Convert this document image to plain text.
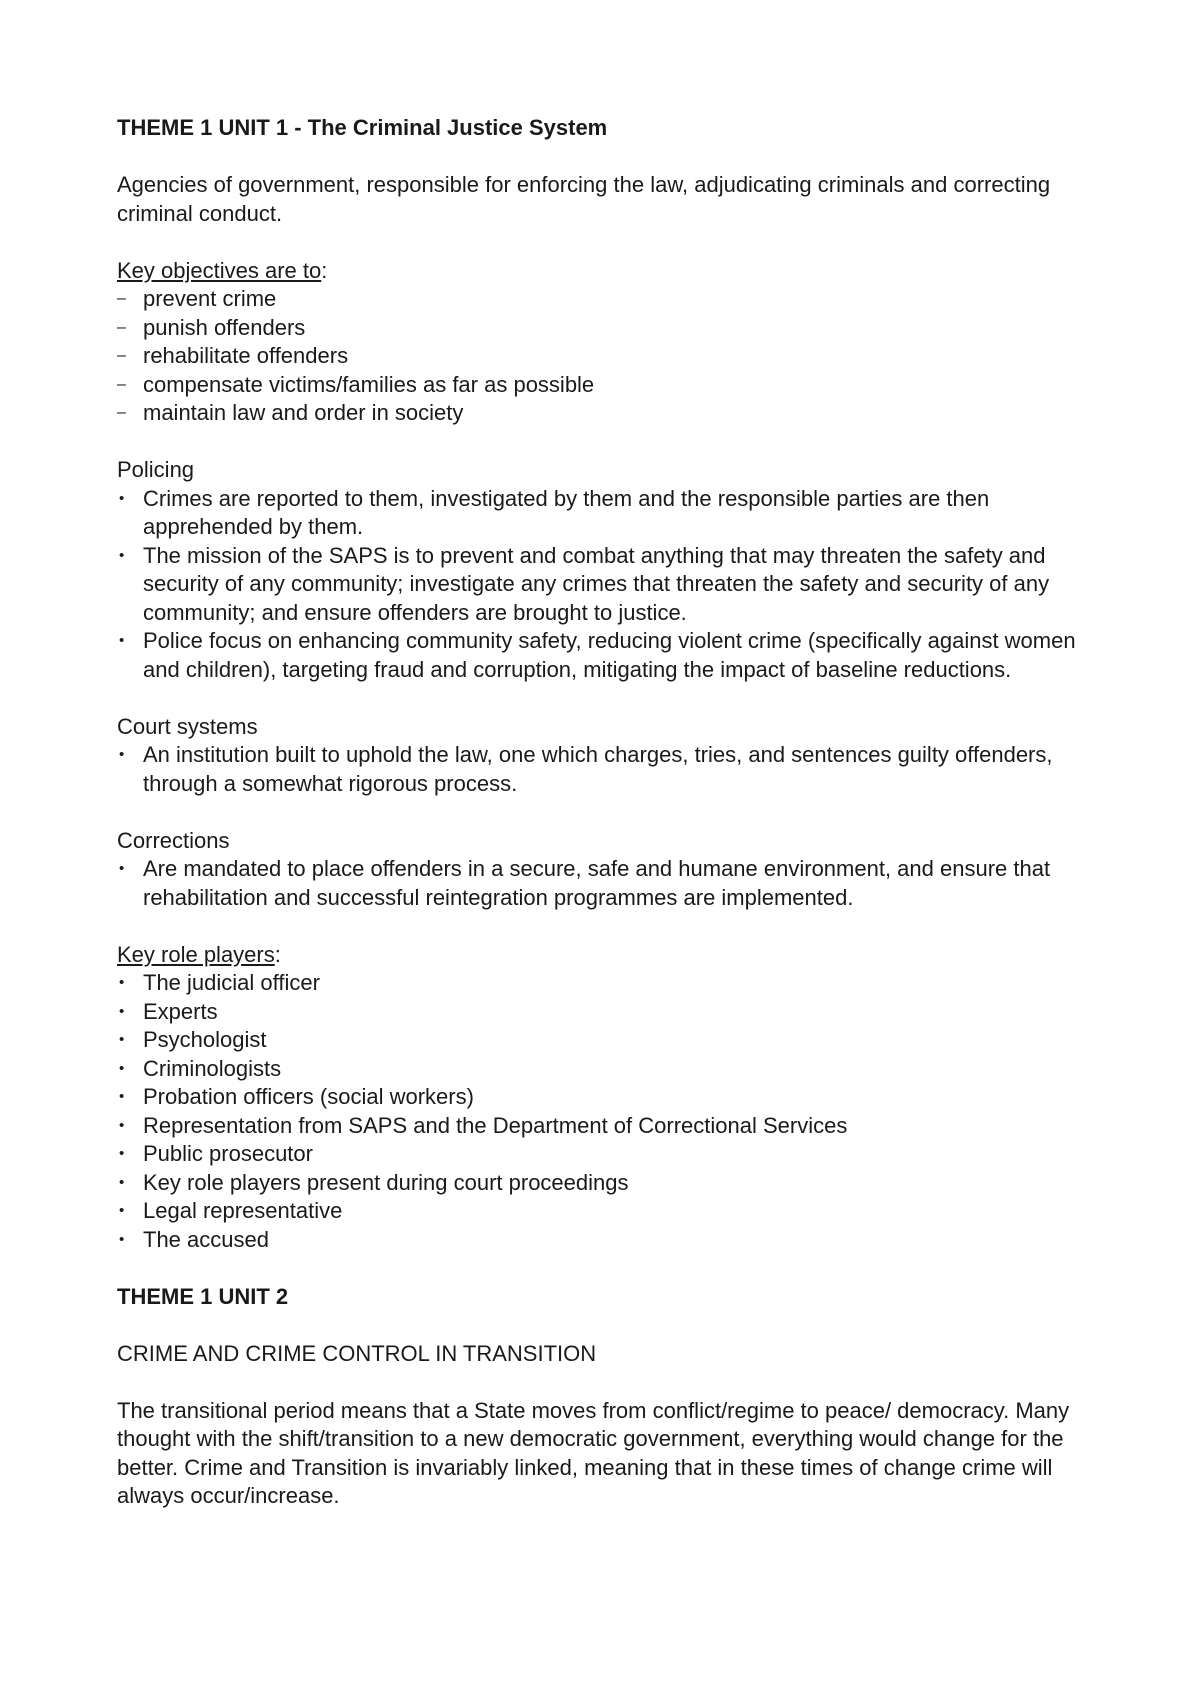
THEME 1 UNIT 1 - The Criminal Justice System

Agencies of government, responsible for enforcing the law, adjudicating criminals and correcting criminal conduct.

Key objectives are to:

– prevent crime
– punish offenders
– rehabilitate offenders
– compensate victims/families as far as possible
– maintain law and order in society

Policing

• Crimes are reported to them, investigated by them and the responsible parties are then apprehended by them.
• The mission of the SAPS is to prevent and combat anything that may threaten the safety and security of any community; investigate any crimes that threaten the safety and security of any community; and ensure offenders are brought to justice.
• Police focus on enhancing community safety, reducing violent crime (specifically against women and children), targeting fraud and corruption, mitigating the impact of baseline reductions.

Court systems

• An institution built to uphold the law, one which charges, tries, and sentences guilty offenders, through a somewhat rigorous process.

Corrections

• Are mandated to place offenders in a secure, safe and humane environment, and ensure that rehabilitation and successful reintegration programmes are implemented.

Key role players:

• The judicial officer
• Experts
• Psychologist
• Criminologists
• Probation officers (social workers)
• Representation from SAPS and the Department of Correctional Services
• Public prosecutor
• Key role players present during court proceedings
• Legal representative
• The accused

THEME 1 UNIT 2

CRIME AND CRIME CONTROL IN TRANSITION

The transitional period means that a State moves from conflict/regime to peace/ democracy. Many thought with the shift/transition to a new democratic government, everything would change for the better. Crime and Transition is invariably linked, meaning that in these times of change crime will always occur/increase.
